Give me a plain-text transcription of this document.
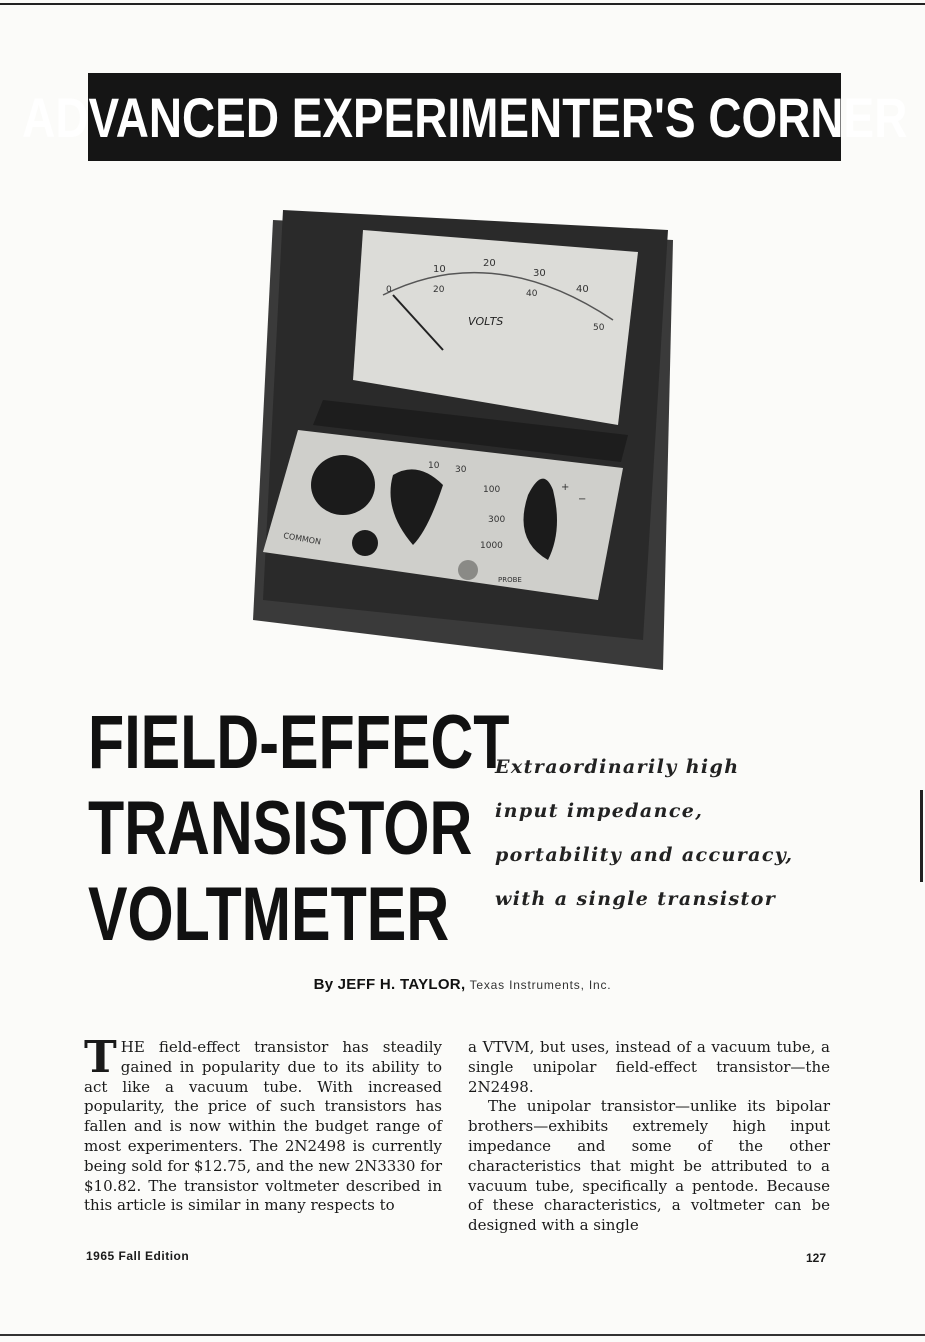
ADVANCED EXPERIMENTER'S CORNER
10
20
30
40
0	20	40
50
VOLTS
10 30
100
300
1000
COMMON
PROBE
+
−
FIELD-EFFECT
TRANSISTOR
VOLTMETER
Extraordinarily high
input impedance,
portability and accuracy,
with a single transistor
By JEFF H. TAYLOR, Texas Instruments, Inc.

THE field-effect transistor has steadily gained in popularity due to its ability to act like a vacuum tube. With increased popularity, the price of such transistors has fallen and is now within the budget range of most experimenters. The 2N2498 is currently being sold for $12.75, and the new 2N3330 for $10.82. The transistor voltmeter described in this article is similar in many respects to

a VTVM, but uses, instead of a vacuum tube, a single unipolar field-effect transistor—the 2N2498.

The unipolar transistor—unlike its bipolar brothers—exhibits extremely high input impedance and some of the other characteristics that might be attributed to a vacuum tube, specifically a pentode. Because of these characteristics, a voltmeter can be designed with a single

1965 Fall Edition	127
